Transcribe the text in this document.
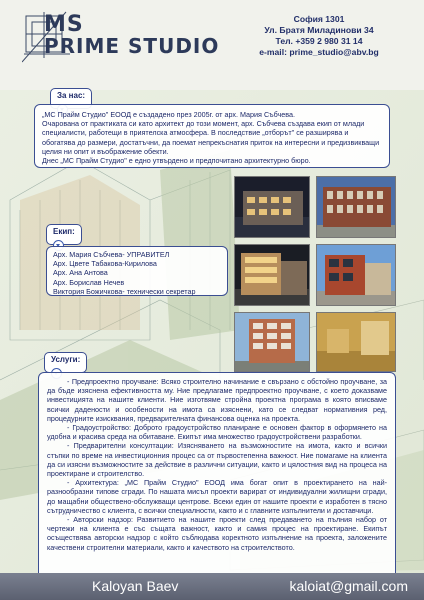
MS
PRIME STUDIO
София 1301
Ул. Братя Миладинови 34
Тел. +359 2 980 31 14
e-mail: prime_studio@abv.bg
За нас:

„МС Прайм Студио" ЕООД е създадено през 2005г. от арх. Мария Събчева.

Очарована от практиката си като архитект до този момент, арх. Събчева създава екип от млади специалисти, работещи в приятелска атмосфера. В последствие „отборът" се разширява и обогатява до размери, достатъчни, да поемат непрекъснатия приток на интересни и предизвикващи целия ни опит и въображение обекти.

Днес „МС Прайм Студио" е едно утвърдено и предпочитано архитектурно бюро.

Екип:
Арх. Мария Събчева- УПРАВИТЕЛ
Арх. Цвете Табакова-Кирилова
Арх. Ана Антова
Арх. Борислав Нечев
Виктория Божичкова- технически секретар
Услуги:

- Предпроектно проучване: Всяко строително начинание е свързано с обстойно проучване, за да бъде изяснена ефективността му. Ние предлагаме предпроектно проучване, с което доказваме инвестицията на нашите клиенти. Ние изготвяме стройна проектна програма в която вписваме всички дадености и особености на имота са изяснени, като се следват нормативния ред, процедурните изисквания, предварителната финансова оценка на проекта.

- Градоустройство: Доброто градоустройство планиране е основен фактор в оформянето на удобна и красива среда на обитаване. Екипът има множество градоустройствени разработки.

- Предварителни консултации: Изясняването на възможностите на имота, както и всички стъпки по време на инвестиционния процес са от първостепенна важност. Ние помагаме на клиента да си изясни възможностите за действие в различни ситуации, както и цялостния вид на процеса на проектиране и строителство.

- Архитектура: „МС Прайм Студио" ЕООД има богат опит в проектирането на най-разнообразни типове сгради. По нашата мисъл проекти варират от индивидуални жилищни сгради, до мащабни обществено-обслужващи центрове. Всеки един от нашите проекти е изработен в тясно сътрудничество с клиента, с всички специалности, както и с главните изпълнители и доставчици.

- Авторски надзор: Развитието на нашите проекти след предаването на пълния набор от чертежи на клиента е със същата важност, както и самия процес на проектиране. Екипът осъществява авторски надзор с който съблюдава коректното изпълнение на проекта, заложените качествени строителни материали, както и качеството на строителството.

Kaloyan Baev	kaloiat@gmail.com
